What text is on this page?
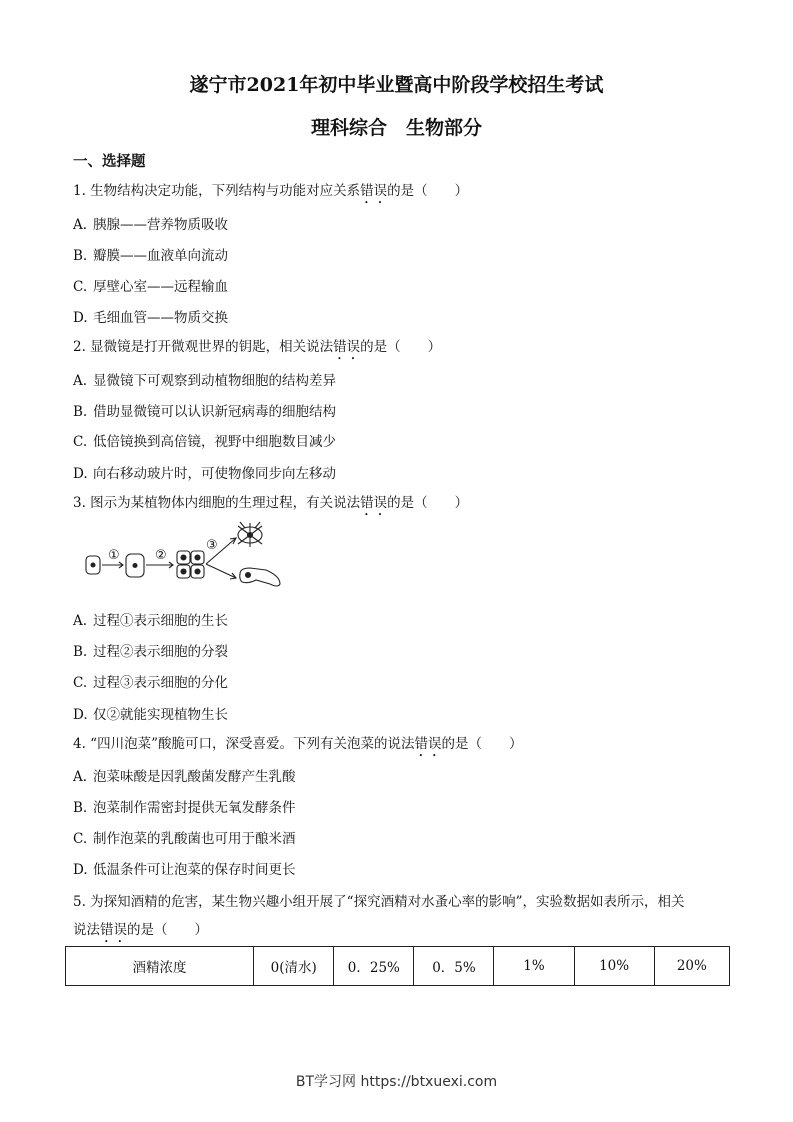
遂宁市2021年初中毕业暨高中阶段学校招生考试
理科综合　生物部分
一、选择题
1. 生物结构决定功能，下列结构与功能对应关系错误的是（　　）
A. 胰腺——营养物质吸收
B. 瓣膜——血液单向流动
C. 厚壁心室——远程输血
D. 毛细血管——物质交换
2. 显微镜是打开微观世界的钥匙，相关说法错误的是（　　）
A. 显微镜下可观察到动植物细胞的结构差异
B. 借助显微镜可以认识新冠病毒的细胞结构
C. 低倍镜换到高倍镜，视野中细胞数目减少
D. 向右移动玻片时，可使物像同步向左移动
3. 图示为某植物体内细胞的生理过程，有关说法错误的是（　　）
①	②
③
A. 过程①表示细胞的生长
B. 过程②表示细胞的分裂
C. 过程③表示细胞的分化
D. 仅②就能实现植物生长
4. “四川泡菜”酸脆可口，深受喜爱。下列有关泡菜的说法错误的是（　　）
A. 泡菜味酸是因乳酸菌发酵产生乳酸
B. 泡菜制作需密封提供无氧发酵条件
C. 制作泡菜的乳酸菌也可用于酿米酒
D. 低温条件可让泡菜的保存时间更长
5. 为探知酒精的危害，某生物兴趣小组开展了“探究酒精对水蚤心率的影响”，实验数据如表所示，相关
说法错误的是（　　）
酒精浓度	0(清水)	0．25%	0．5%	1%	10%	20%
BT学习网 https://btxuexi.com
